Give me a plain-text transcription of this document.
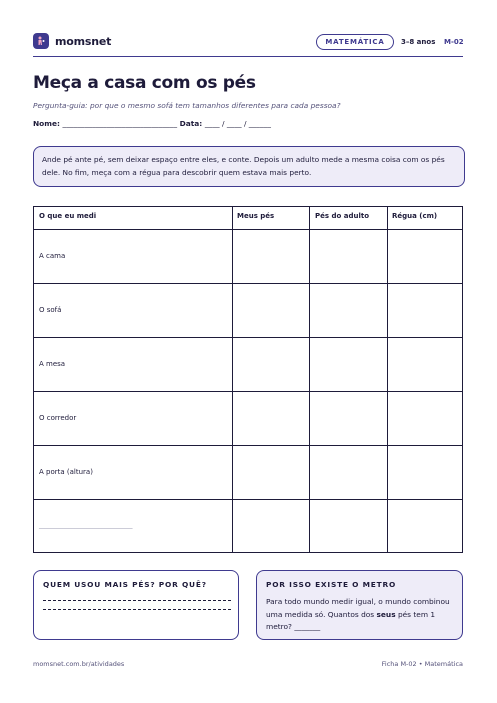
momsnet	MATEMÁTICA	3–8 anos M-02
Meça a casa com os pés
Pergunta-guia: por que o mesmo sofá tem tamanhos diferentes para cada pessoa?
Nome: _______________________________ Data: ____ / ____ / ______
Ande pé ante pé, sem deixar espaço entre eles, e conte. Depois um adulto mede a mesma coisa com os pés dele. No fim, meça com a régua para descobrir quem estava mais perto.
O que eu medi	Meus pés	Pés do adulto	Régua (cm)
A cama
O sofá
A mesa
O corredor
A porta (altura)
_______________________________
QUEM USOU MAIS PÉS? POR QUÊ?	POR ISSO EXISTE O METRO
Para todo mundo medir igual, o mundo combinou uma medida só. Quantos dos seus pés tem 1 metro? _______
momsnet.com.br/atividades	Ficha M-02 • Matemática
